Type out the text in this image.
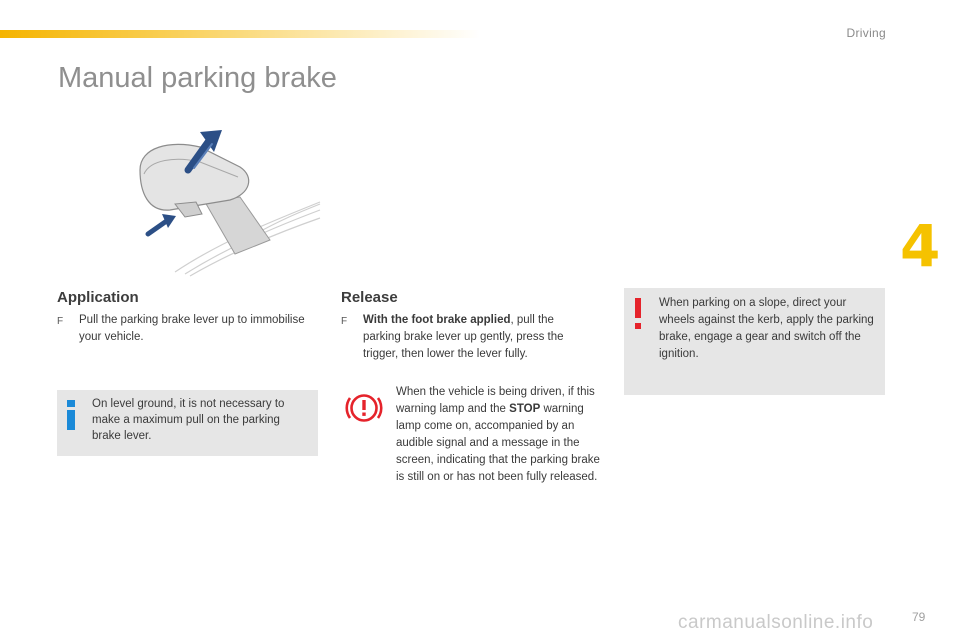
Driving
Manual parking brake
4
Application
F	Pull the parking brake lever up to immobilise your vehicle.
On level ground, it is not necessary to make a maximum pull on the parking brake lever.
Release
F	With the foot brake applied, pull the parking brake lever up gently, press the trigger, then lower the lever fully.
When the vehicle is being driven, if this warning lamp and the STOP warning lamp come on, accompanied by an audible signal and a message in the screen, indicating that the parking brake is still on or has not been fully released.
When parking on a slope, direct your wheels against the kerb, apply the parking brake, engage a gear and switch off the ignition.
carmanualsonline.info	79
